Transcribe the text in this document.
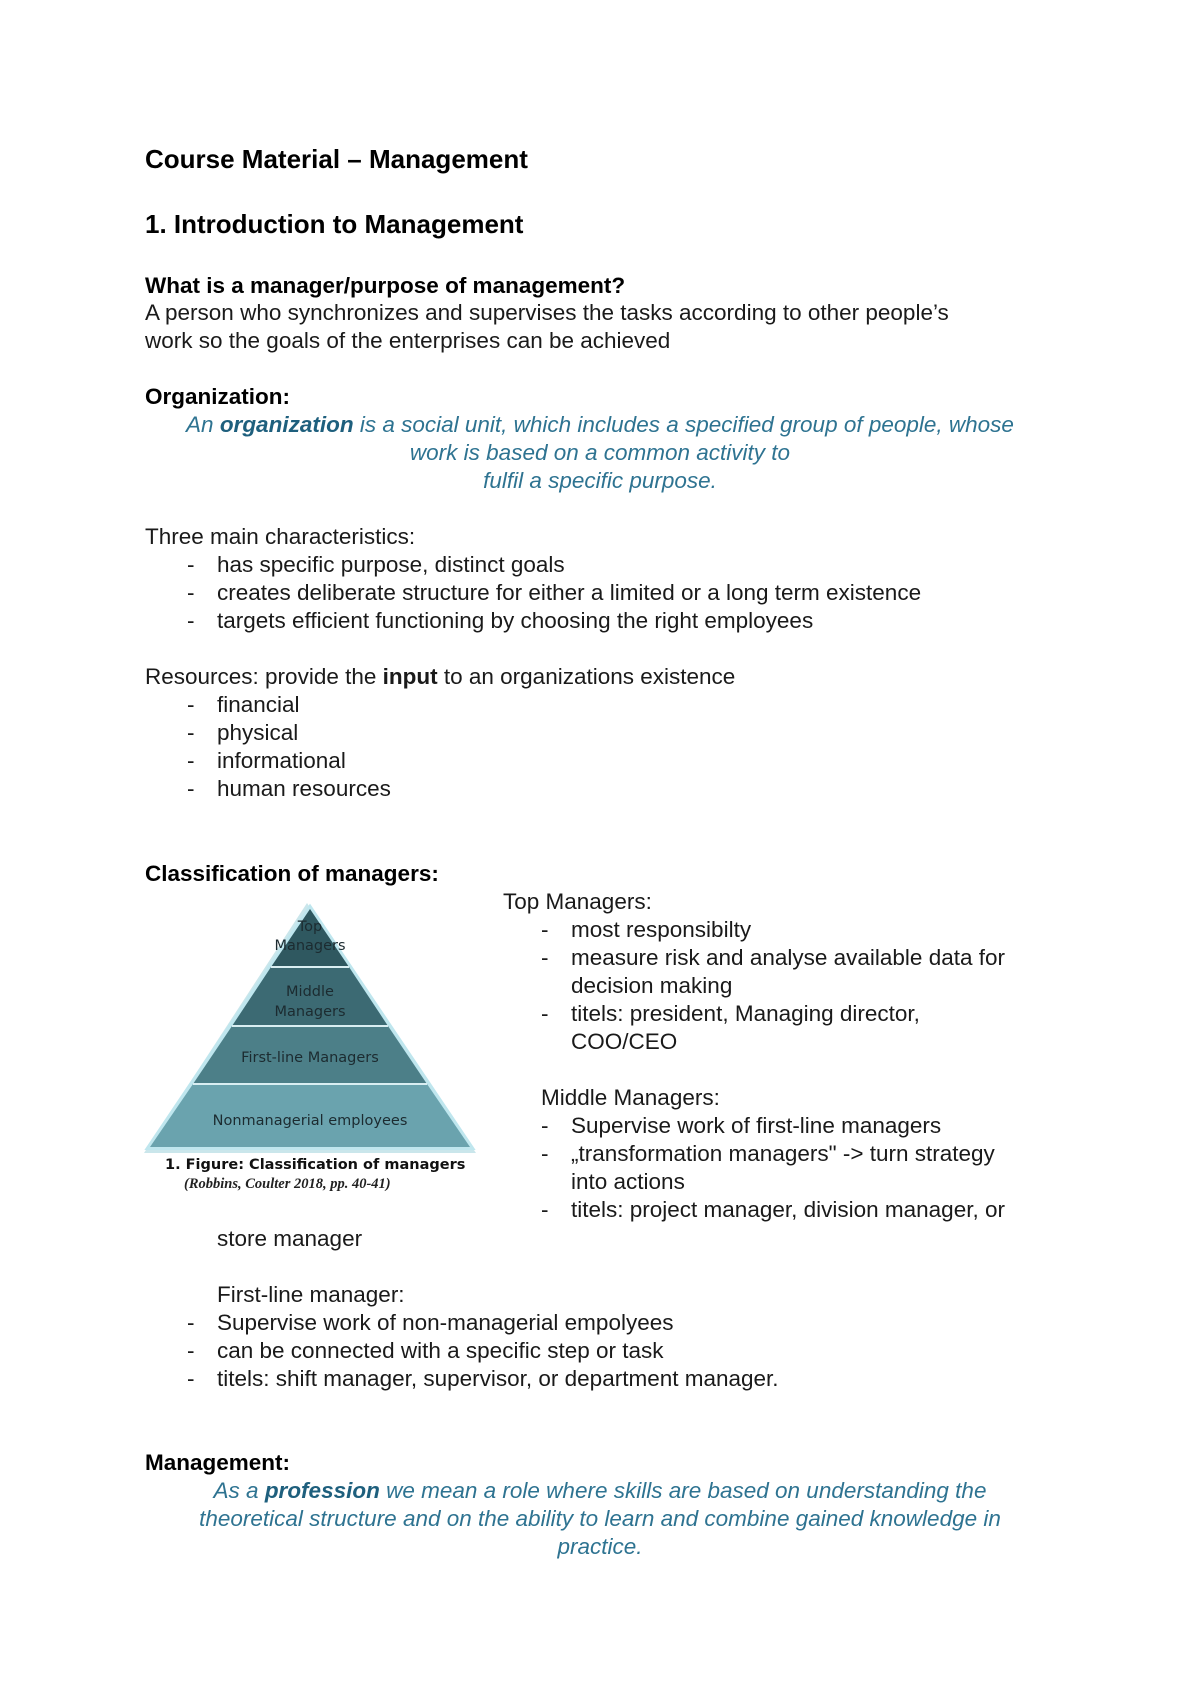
Course Material – Management
1. Introduction to Management
What is a manager/purpose of management?
A person who synchronizes and supervises the tasks according to other people’s
work so the goals of the enterprises can be achieved
Organization:
An organization is a social unit, which includes a specified group of people, whose
work is based on a common activity to
fulfil a specific purpose.
Three main characteristics:
- has specific purpose, distinct goals
- creates deliberate structure for either a limited or a long term existence
- targets efficient functioning by choosing the right employees
Resources: provide the input to an organizations existence
- financial
- physical
- informational
- human resources
Classification of managers:
Top
Managers
Middle
Managers
First-line Managers
Nonmanagerial employees
1. Figure: Classification of managers
(Robbins, Coulter 2018, pp. 40-41)
Top Managers:
- most responsibilty
- measure risk and analyse available data for
decision making
- titels: president, Managing director,
COO/CEO
Middle Managers:
- Supervise work of first-line managers
- „transformation managers" -> turn strategy
into actions
- titels: project manager, division manager, or
store manager
First-line manager:
- Supervise work of non-managerial empolyees
- can be connected with a specific step or task
- titels: shift manager, supervisor, or department manager.
Management:
As a profession we mean a role where skills are based on understanding the
theoretical structure and on the ability to learn and combine gained knowledge in
practice.
